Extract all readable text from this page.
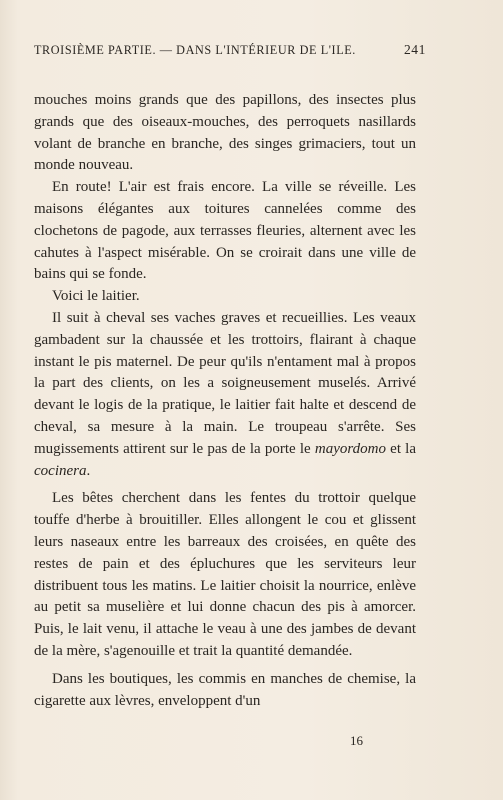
TROISIÈME PARTIE. — DANS L'INTÉRIEUR DE L'ILE.	241

mouches moins grands que des papillons, des insectes plus grands que des oiseaux-mouches, des perroquets nasillards volant de branche en branche, des singes grimaciers, tout un monde nouveau.

En route! L'air est frais encore. La ville se réveille. Les maisons élégantes aux toitures cannelées comme des clochetons de pagode, aux terrasses fleuries, alternent avec les cahutes à l'aspect misérable. On se croirait dans une ville de bains qui se fonde.

Voici le laitier.

Il suit à cheval ses vaches graves et recueillies. Les veaux gambadent sur la chaussée et les trottoirs, flairant à chaque instant le pis maternel. De peur qu'ils n'entament mal à propos la part des clients, on les a soigneusement muselés. Arrivé devant le logis de la pratique, le laitier fait halte et descend de cheval, sa mesure à la main. Le troupeau s'arrête. Ses mugissements attirent sur le pas de la porte le mayordomo et la cocinera.

Les bêtes cherchent dans les fentes du trottoir quelque touffe d'herbe à brouitiller. Elles allongent le cou et glissent leurs naseaux entre les barreaux des croisées, en quête des restes de pain et des épluchures que les serviteurs leur distribuent tous les matins. Le laitier choisit la nourrice, enlève au petit sa muselière et lui donne chacun des pis à amorcer. Puis, le lait venu, il attache le veau à une des jambes de devant de la mère, s'agenouille et trait la quantité demandée.

Dans les boutiques, les commis en manches de chemise, la cigarette aux lèvres, enveloppent d'un

16
